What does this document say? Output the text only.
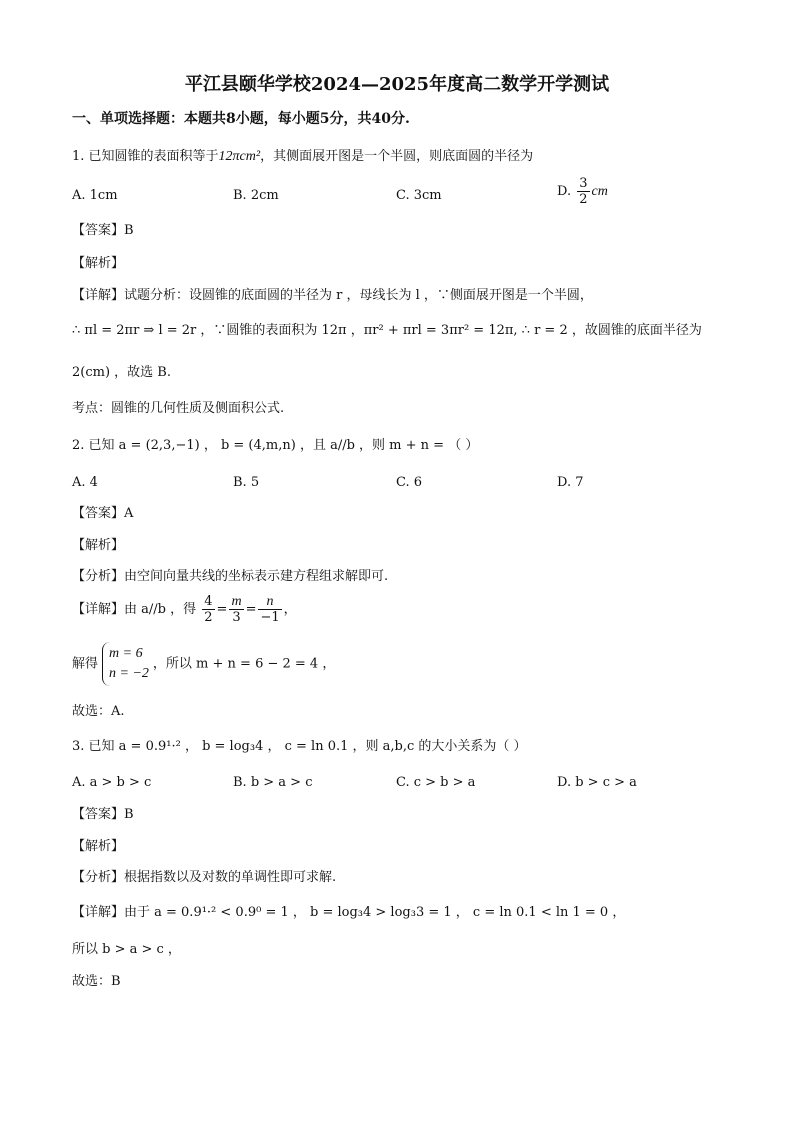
平江县颐华学校2024—2025年度高二数学开学测试
一、单项选择题：本题共8小题，每小题5分，共40分.
1. 已知圆锥的表面积等于12πcm²，其侧面展开图是一个半圆，则底面圆的半径为
A. 1cm	B. 2cm	C. 3cm	D. $\frac{3}{2}$ cm
【答案】B
【解析】
【详解】试题分析：设圆锥的底面圆的半径为 r ，母线长为 l ，∵侧面展开图是一个半圆，
∴ πl = 2πr ⇒ l = 2r ，∵圆锥的表面积为 12π ，πr² + πrl = 3πr² = 12π, ∴ r = 2 ，故圆锥的底面半径为
2(cm) ，故选 B.
考点：圆锥的几何性质及侧面积公式.
2. 已知 a = (2,3,−1) ， b = (4,m,n) ，且 a//b ，则 m + n = （ ）
A. 4	B. 5	C. 6	D. 7
【答案】A
【解析】
【分析】由空间向量共线的坐标表示建方程组求解即可.
【详解】由 a//b ，得 $\frac{4}{2} = \frac{m}{3} = \frac{n}{-1}$ ，
解得
m = 6
n = −2
，所以 m + n = 6 − 2 = 4 ，
故选：A.
3. 已知 a = 0.9¹·² ， b = log₃4 ， c = ln 0.1 ，则 a,b,c 的大小关系为（ ）
A. a > b > c	B. b > a > c	C. c > b > a	D. b > c > a
【答案】B
【解析】
【分析】根据指数以及对数的单调性即可求解.
【详解】由于 a = 0.9¹·² < 0.9⁰ = 1 ， b = log₃4 > log₃3 = 1 ， c = ln 0.1 < ln 1 = 0 ，
所以 b > a > c ，
故选：B
